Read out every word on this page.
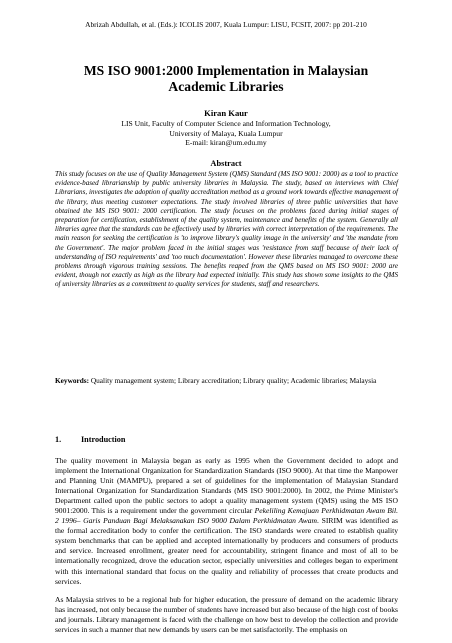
Abrizah Abdullah, et al. (Eds.): ICOLIS 2007, Kuala Lumpur: LISU, FCSIT, 2007: pp 201-210
MS ISO 9001:2000 Implementation in Malaysian
Academic Libraries
Kiran Kaur
LIS Unit, Faculty of Computer Science and Information Technology,
University of Malaya, Kuala Lumpur
E-mail: kiran@um.edu.my
Abstract
This study focuses on the use of Quality Management System (QMS) Standard (MS ISO 9001: 2000) as a tool to practice evidence-based librarianship by public university libraries in Malaysia. The study, based on interviews with Chief Librarians, investigates the adoption of quality accreditation method as a ground work towards effective management of the library, thus meeting customer expectations. The study involved libraries of three public universities that have obtained the MS ISO 9001: 2000 certification. The study focuses on the problems faced during initial stages of preparation for certification, establishment of the quality system, maintenance and benefits of the system. Generally all libraries agree that the standards can be effectively used by libraries with correct interpretation of the requirements. The main reason for seeking the certification is 'to improve library's quality image in the university' and 'the mandate from the Government'. The major problem faced in the initial stages was 'resistance from staff because of their lack of understanding of ISO requirements' and 'too much documentation'. However these libraries managed to overcome these problems through vigorous training sessions. The benefits reaped from the QMS based on MS ISO 9001: 2000 are evident, though not exactly as high as the library had expected initially. This study has shown some insights to the QMS of university libraries as a commitment to quality services for students, staff and researchers.
Keywords: Quality management system; Library accreditation; Library quality; Academic libraries; Malaysia
1. Introduction

The quality movement in Malaysia began as early as 1995 when the Government decided to adopt and implement the International Organization for Standardization Standards (ISO 9000). At that time the Manpower and Planning Unit (MAMPU), prepared a set of guidelines for the implementation of Malaysian Standard International Organization for Standardization Standards (MS ISO 9001:2000). In 2002, the Prime Minister's Department called upon the public sectors to adopt a quality management system (QMS) using the MS ISO 9001:2000. This is a requirement under the government circular Pekeliling Kemajuan Perkhidmatan Awam Bil. 2 1996– Garis Panduan Bagi Melaksanakan ISO 9000 Dalam Perkhidmatan Awam. SIRIM was identified as the formal accreditation body to confer the certification. The ISO standards were created to establish quality system benchmarks that can be applied and accepted internationally by producers and consumers of products and service. Increased enrollment, greater need for accountability, stringent finance and most of all to be internationally recognized, drove the education sector, especially universities and colleges began to experiment with this international standard that focus on the quality and reliability of processes that create products and services.

As Malaysia strives to be a regional hub for higher education, the pressure of demand on the academic library has increased, not only because the number of students have increased but also because of the high cost of books and journals. Library management is faced with the challenge on how best to develop the collection and provide services in such a manner that new demands by users can be met satisfactorily. The emphasis on
